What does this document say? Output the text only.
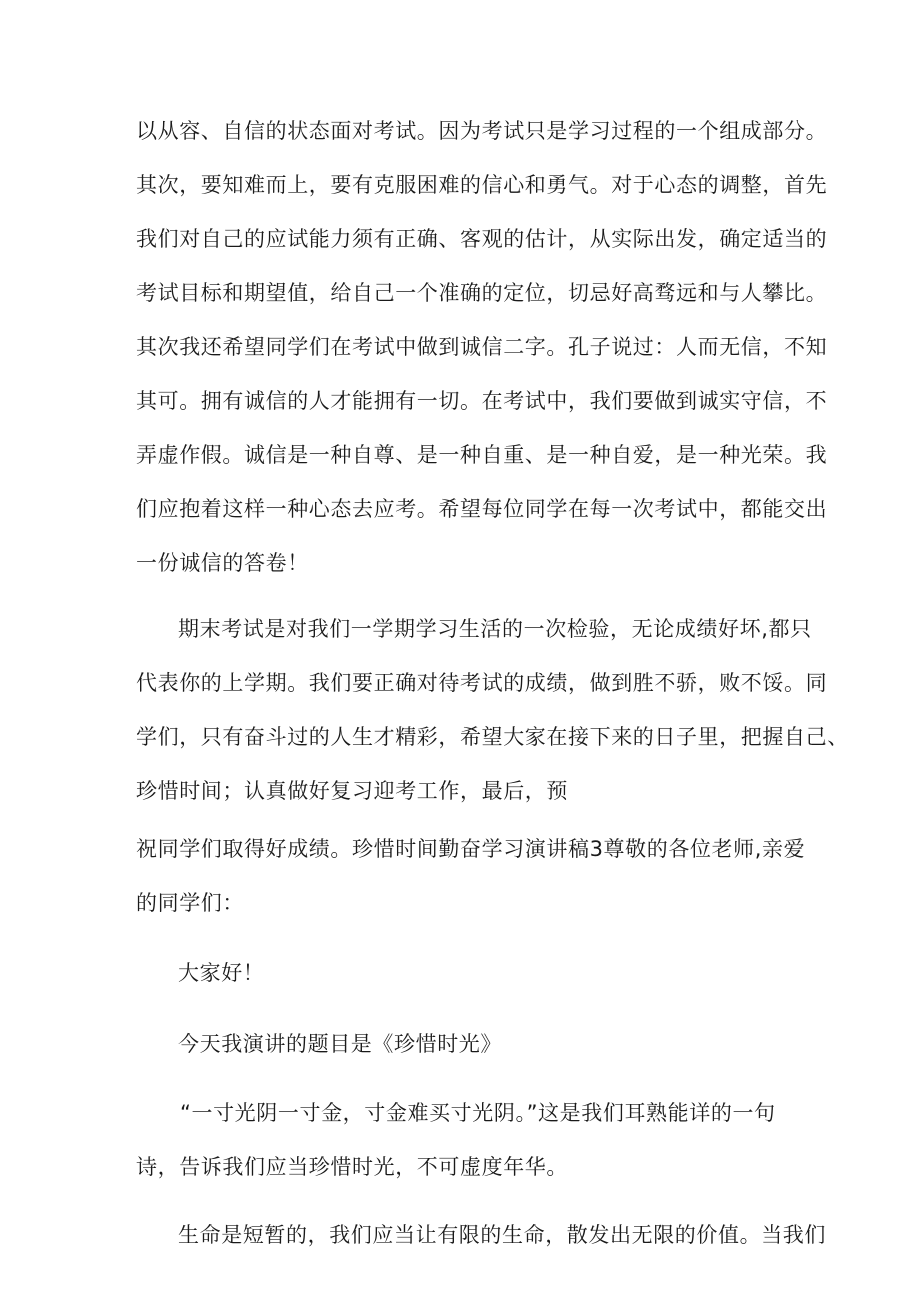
以从容、自信的状态面对考试。因为考试只是学习过程的一个组成部分。
其次，要知难而上，要有克服困难的信心和勇气。对于心态的调整，首先
我们对自己的应试能力须有正确、客观的估计，从实际出发，确定适当的
考试目标和期望值，给自己一个准确的定位，切忌好高骛远和与人攀比。
其次我还希望同学们在考试中做到诚信二字。孔子说过：人而无信，不知
其可。拥有诚信的人才能拥有一切。在考试中，我们要做到诚实守信，不
弄虚作假。诚信是一种自尊、是一种自重、是一种自爱，是一种光荣。我
们应抱着这样一种心态去应考。希望每位同学在每一次考试中，都能交出
一份诚信的答卷！
期末考试是对我们一学期学习生活的一次检验，无论成绩好坏,都只
代表你的上学期。我们要正确对待考试的成绩，做到胜不骄，败不馁。同
学们，只有奋斗过的人生才精彩，希望大家在接下来的日子里，把握自己、
珍惜时间；认真做好复习迎考工作，最后，预
祝同学们取得好成绩。珍惜时间勤奋学习演讲稿3尊敬的各位老师,亲爱
的同学们：
大家好！
今天我演讲的题目是《珍惜时光》
“一寸光阴一寸金，寸金难买寸光阴。”这是我们耳熟能详的一句
诗，告诉我们应当珍惜时光，不可虚度年华。
生命是短暂的，我们应当让有限的生命，散发出无限的价值。当我们
